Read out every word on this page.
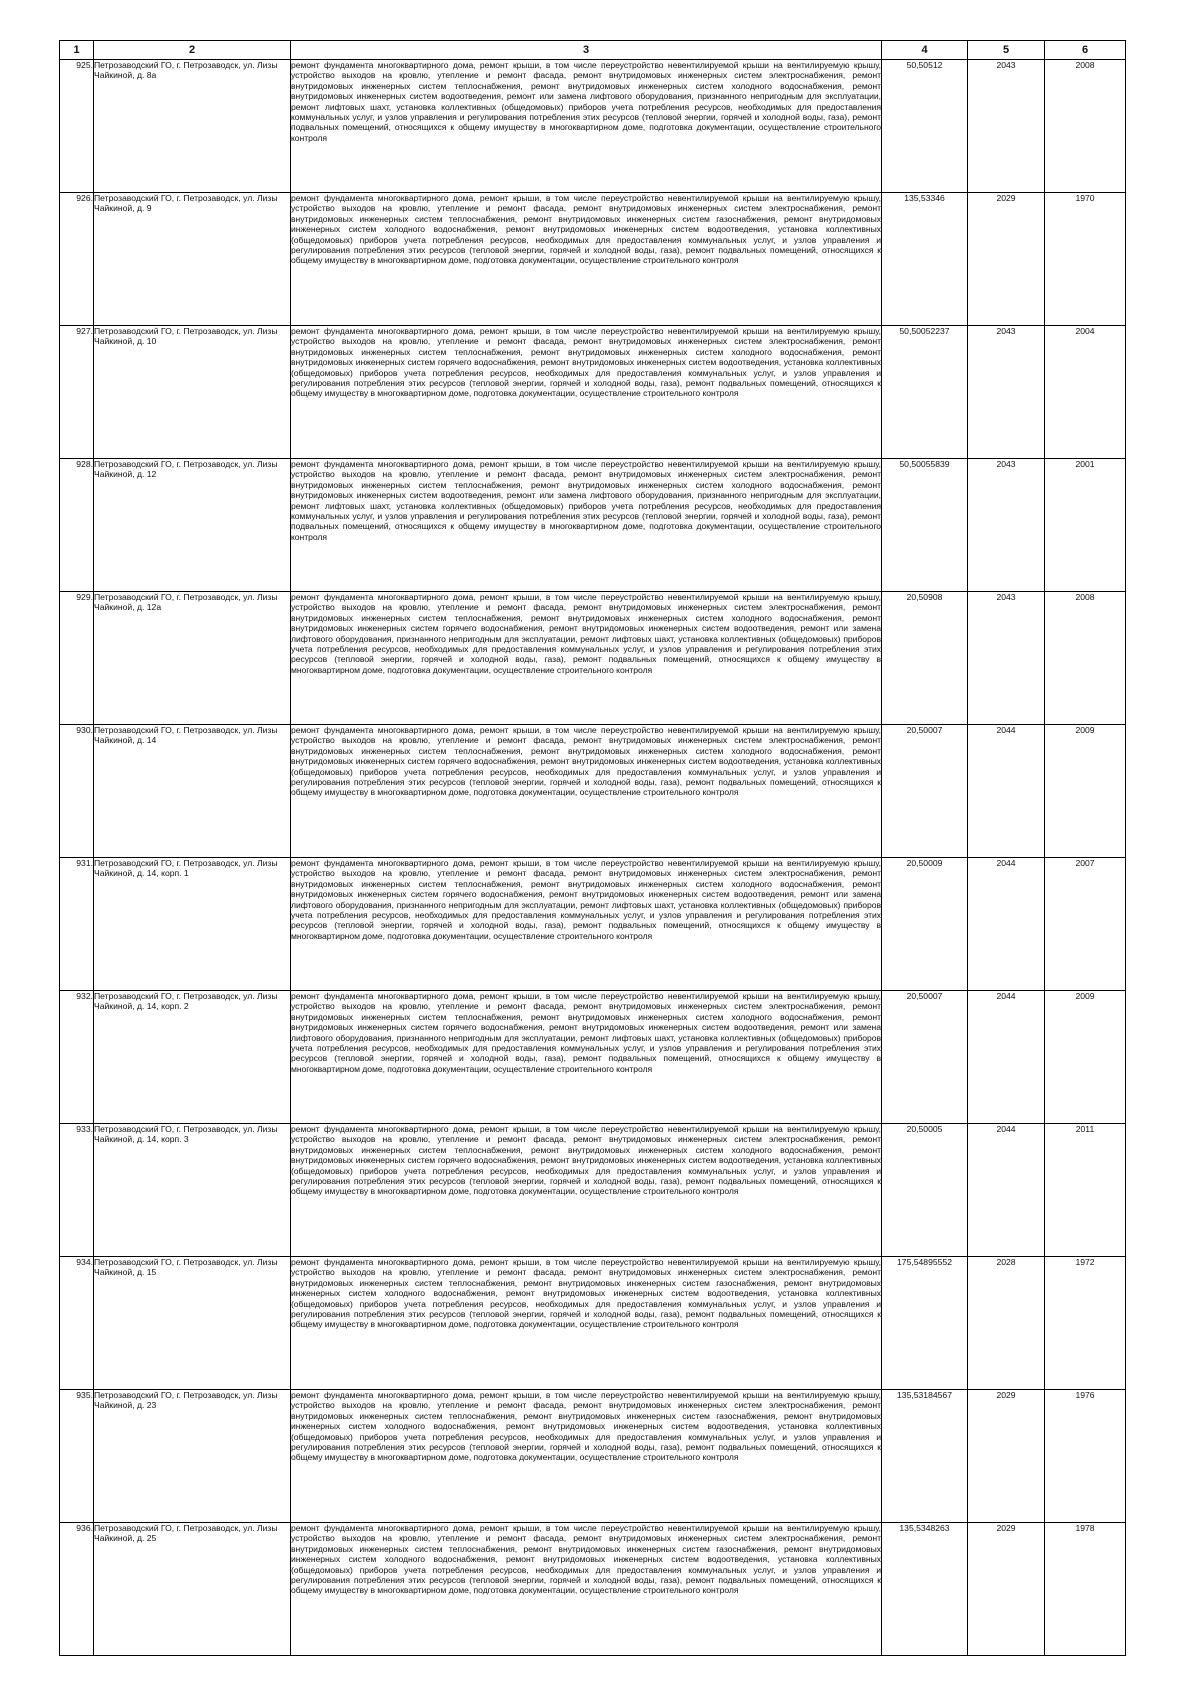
1	2	3	4	5	6
925.	Петрозаводский ГО, г. Петрозаводск, ул. Лизы Чайкиной, д. 8а	ремонт фундамента многоквартирного дома, ремонт крыши, в том числе переустройство невентилируемой крыши на вентилируемую крышу, устройство выходов на кровлю, утепление и ремонт фасада, ремонт внутридомовых инженерных систем электроснабжения, ремонт внутридомовых инженерных систем теплоснабжения, ремонт внутридомовых инженерных систем холодного водоснабжения, ремонт внутридомовых инженерных систем водоотведения, ремонт или замена лифтового оборудования, признанного непригодным для эксплуатации, ремонт лифтовых шахт, установка коллективных (общедомовых) приборов учета потребления ресурсов, необходимых для предоставления коммунальных услуг, и узлов управления и регулирования потребления этих ресурсов (тепловой энергии, горячей и холодной воды, газа), ремонт подвальных помещений, относящихся к общему имуществу в многоквартирном доме, подготовка документации, осуществление строительного контроля	50,50512	2043	2008
926.	Петрозаводский ГО, г. Петрозаводск, ул. Лизы Чайкиной, д. 9	ремонт фундамента многоквартирного дома, ремонт крыши, в том числе переустройство невентилируемой крыши на вентилируемую крышу, устройство выходов на кровлю, утепление и ремонт фасада, ремонт внутридомовых инженерных систем электроснабжения, ремонт внутридомовых инженерных систем теплоснабжения, ремонт внутридомовых инженерных систем газоснабжения, ремонт внутридомовых инженерных систем холодного водоснабжения, ремонт внутридомовых инженерных систем водоотведения, установка коллективных (общедомовых) приборов учета потребления ресурсов, необходимых для предоставления коммунальных услуг, и узлов управления и регулирования потребления этих ресурсов (тепловой энергии, горячей и холодной воды, газа), ремонт подвальных помещений, относящихся к общему имуществу в многоквартирном доме, подготовка документации, осуществление строительного контроля	135,53346	2029	1970
927.	Петрозаводский ГО, г. Петрозаводск, ул. Лизы Чайкиной, д. 10	ремонт фундамента многоквартирного дома, ремонт крыши, в том числе переустройство невентилируемой крыши на вентилируемую крышу, устройство выходов на кровлю, утепление и ремонт фасада, ремонт внутридомовых инженерных систем электроснабжения, ремонт внутридомовых инженерных систем теплоснабжения, ремонт внутридомовых инженерных систем холодного водоснабжения, ремонт внутридомовых инженерных систем горячего водоснабжения, ремонт внутридомовых инженерных систем водоотведения, установка коллективных (общедомовых) приборов учета потребления ресурсов, необходимых для предоставления коммунальных услуг, и узлов управления и регулирования потребления этих ресурсов (тепловой энергии, горячей и холодной воды, газа), ремонт подвальных помещений, относящихся к общему имуществу в многоквартирном доме, подготовка документации, осуществление строительного контроля	50,50052237	2043	2004
928.	Петрозаводский ГО, г. Петрозаводск, ул. Лизы Чайкиной, д. 12	ремонт фундамента многоквартирного дома, ремонт крыши, в том числе переустройство невентилируемой крыши на вентилируемую крышу, устройство выходов на кровлю, утепление и ремонт фасада, ремонт внутридомовых инженерных систем электроснабжения, ремонт внутридомовых инженерных систем теплоснабжения, ремонт внутридомовых инженерных систем холодного водоснабжения, ремонт внутридомовых инженерных систем водоотведения, ремонт или замена лифтового оборудования, признанного непригодным для эксплуатации, ремонт лифтовых шахт, установка коллективных (общедомовых) приборов учета потребления ресурсов, необходимых для предоставления коммунальных услуг, и узлов управления и регулирования потребления этих ресурсов (тепловой энергии, горячей и холодной воды, газа), ремонт подвальных помещений, относящихся к общему имуществу в многоквартирном доме, подготовка документации, осуществление строительного контроля	50,50055839	2043	2001
929.	Петрозаводский ГО, г. Петрозаводск, ул. Лизы Чайкиной, д. 12а	ремонт фундамента многоквартирного дома, ремонт крыши, в том числе переустройство невентилируемой крыши на вентилируемую крышу, устройство выходов на кровлю, утепление и ремонт фасада, ремонт внутридомовых инженерных систем электроснабжения, ремонт внутридомовых инженерных систем теплоснабжения, ремонт внутридомовых инженерных систем холодного водоснабжения, ремонт внутридомовых инженерных систем горячего водоснабжения, ремонт внутридомовых инженерных систем водоотведения, ремонт или замена лифтового оборудования, признанного непригодным для эксплуатации, ремонт лифтовых шахт, установка коллективных (общедомовых) приборов учета потребления ресурсов, необходимых для предоставления коммунальных услуг, и узлов управления и регулирования потребления этих ресурсов (тепловой энергии, горячей и холодной воды, газа), ремонт подвальных помещений, относящихся к общему имуществу в многоквартирном доме, подготовка документации, осуществление строительного контроля	20,50908	2043	2008
930.	Петрозаводский ГО, г. Петрозаводск, ул. Лизы Чайкиной, д. 14	ремонт фундамента многоквартирного дома, ремонт крыши, в том числе переустройство невентилируемой крыши на вентилируемую крышу, устройство выходов на кровлю, утепление и ремонт фасада, ремонт внутридомовых инженерных систем электроснабжения, ремонт внутридомовых инженерных систем теплоснабжения, ремонт внутридомовых инженерных систем холодного водоснабжения, ремонт внутридомовых инженерных систем горячего водоснабжения, ремонт внутридомовых инженерных систем водоотведения, установка коллективных (общедомовых) приборов учета потребления ресурсов, необходимых для предоставления коммунальных услуг, и узлов управления и регулирования потребления этих ресурсов (тепловой энергии, горячей и холодной воды, газа), ремонт подвальных помещений, относящихся к общему имуществу в многоквартирном доме, подготовка документации, осуществление строительного контроля	20,50007	2044	2009
931.	Петрозаводский ГО, г. Петрозаводск, ул. Лизы Чайкиной, д. 14, корп. 1	ремонт фундамента многоквартирного дома, ремонт крыши, в том числе переустройство невентилируемой крыши на вентилируемую крышу, устройство выходов на кровлю, утепление и ремонт фасада, ремонт внутридомовых инженерных систем электроснабжения, ремонт внутридомовых инженерных систем теплоснабжения, ремонт внутридомовых инженерных систем холодного водоснабжения, ремонт внутридомовых инженерных систем горячего водоснабжения, ремонт внутридомовых инженерных систем водоотведения, ремонт или замена лифтового оборудования, признанного непригодным для эксплуатации, ремонт лифтовых шахт, установка коллективных (общедомовых) приборов учета потребления ресурсов, необходимых для предоставления коммунальных услуг, и узлов управления и регулирования потребления этих ресурсов (тепловой энергии, горячей и холодной воды, газа), ремонт подвальных помещений, относящихся к общему имуществу в многоквартирном доме, подготовка документации, осуществление строительного контроля	20,50009	2044	2007
932.	Петрозаводский ГО, г. Петрозаводск, ул. Лизы Чайкиной, д. 14, корп. 2	ремонт фундамента многоквартирного дома, ремонт крыши, в том числе переустройство невентилируемой крыши на вентилируемую крышу, устройство выходов на кровлю, утепление и ремонт фасада, ремонт внутридомовых инженерных систем электроснабжения, ремонт внутридомовых инженерных систем теплоснабжения, ремонт внутридомовых инженерных систем холодного водоснабжения, ремонт внутридомовых инженерных систем горячего водоснабжения, ремонт внутридомовых инженерных систем водоотведения, ремонт или замена лифтового оборудования, признанного непригодным для эксплуатации, ремонт лифтовых шахт, установка коллективных (общедомовых) приборов учета потребления ресурсов, необходимых для предоставления коммунальных услуг, и узлов управления и регулирования потребления этих ресурсов (тепловой энергии, горячей и холодной воды, газа), ремонт подвальных помещений, относящихся к общему имуществу в многоквартирном доме, подготовка документации, осуществление строительного контроля	20,50007	2044	2009
933.	Петрозаводский ГО, г. Петрозаводск, ул. Лизы Чайкиной, д. 14, корп. 3	ремонт фундамента многоквартирного дома, ремонт крыши, в том числе переустройство невентилируемой крыши на вентилируемую крышу, устройство выходов на кровлю, утепление и ремонт фасада, ремонт внутридомовых инженерных систем электроснабжения, ремонт внутридомовых инженерных систем теплоснабжения, ремонт внутридомовых инженерных систем холодного водоснабжения, ремонт внутридомовых инженерных систем горячего водоснабжения, ремонт внутридомовых инженерных систем водоотведения, установка коллективных (общедомовых) приборов учета потребления ресурсов, необходимых для предоставления коммунальных услуг, и узлов управления и регулирования потребления этих ресурсов (тепловой энергии, горячей и холодной воды, газа), ремонт подвальных помещений, относящихся к общему имуществу в многоквартирном доме, подготовка документации, осуществление строительного контроля	20,50005	2044	2011
934.	Петрозаводский ГО, г. Петрозаводск, ул. Лизы Чайкиной, д. 15	ремонт фундамента многоквартирного дома, ремонт крыши, в том числе переустройство невентилируемой крыши на вентилируемую крышу, устройство выходов на кровлю, утепление и ремонт фасада, ремонт внутридомовых инженерных систем электроснабжения, ремонт внутридомовых инженерных систем теплоснабжения, ремонт внутридомовых инженерных систем газоснабжения, ремонт внутридомовых инженерных систем холодного водоснабжения, ремонт внутридомовых инженерных систем водоотведения, установка коллективных (общедомовых) приборов учета потребления ресурсов, необходимых для предоставления коммунальных услуг, и узлов управления и регулирования потребления этих ресурсов (тепловой энергии, горячей и холодной воды, газа), ремонт подвальных помещений, относящихся к общему имуществу в многоквартирном доме, подготовка документации, осуществление строительного контроля	175,54895552	2028	1972
935.	Петрозаводский ГО, г. Петрозаводск, ул. Лизы Чайкиной, д. 23	ремонт фундамента многоквартирного дома, ремонт крыши, в том числе переустройство невентилируемой крыши на вентилируемую крышу, устройство выходов на кровлю, утепление и ремонт фасада, ремонт внутридомовых инженерных систем электроснабжения, ремонт внутридомовых инженерных систем теплоснабжения, ремонт внутридомовых инженерных систем газоснабжения, ремонт внутридомовых инженерных систем холодного водоснабжения, ремонт внутридомовых инженерных систем водоотведения, установка коллективных (общедомовых) приборов учета потребления ресурсов, необходимых для предоставления коммунальных услуг, и узлов управления и регулирования потребления этих ресурсов (тепловой энергии, горячей и холодной воды, газа), ремонт подвальных помещений, относящихся к общему имуществу в многоквартирном доме, подготовка документации, осуществление строительного контроля	135,53184567	2029	1976
936.	Петрозаводский ГО, г. Петрозаводск, ул. Лизы Чайкиной, д. 25	ремонт фундамента многоквартирного дома, ремонт крыши, в том числе переустройство невентилируемой крыши на вентилируемую крышу, устройство выходов на кровлю, утепление и ремонт фасада, ремонт внутридомовых инженерных систем электроснабжения, ремонт внутридомовых инженерных систем теплоснабжения, ремонт внутридомовых инженерных систем газоснабжения, ремонт внутридомовых инженерных систем холодного водоснабжения, ремонт внутридомовых инженерных систем водоотведения, установка коллективных (общедомовых) приборов учета потребления ресурсов, необходимых для предоставления коммунальных услуг, и узлов управления и регулирования потребления этих ресурсов (тепловой энергии, горячей и холодной воды, газа), ремонт подвальных помещений, относящихся к общему имуществу в многоквартирном доме, подготовка документации, осуществление строительного контроля	135,5348263	2029	1978
